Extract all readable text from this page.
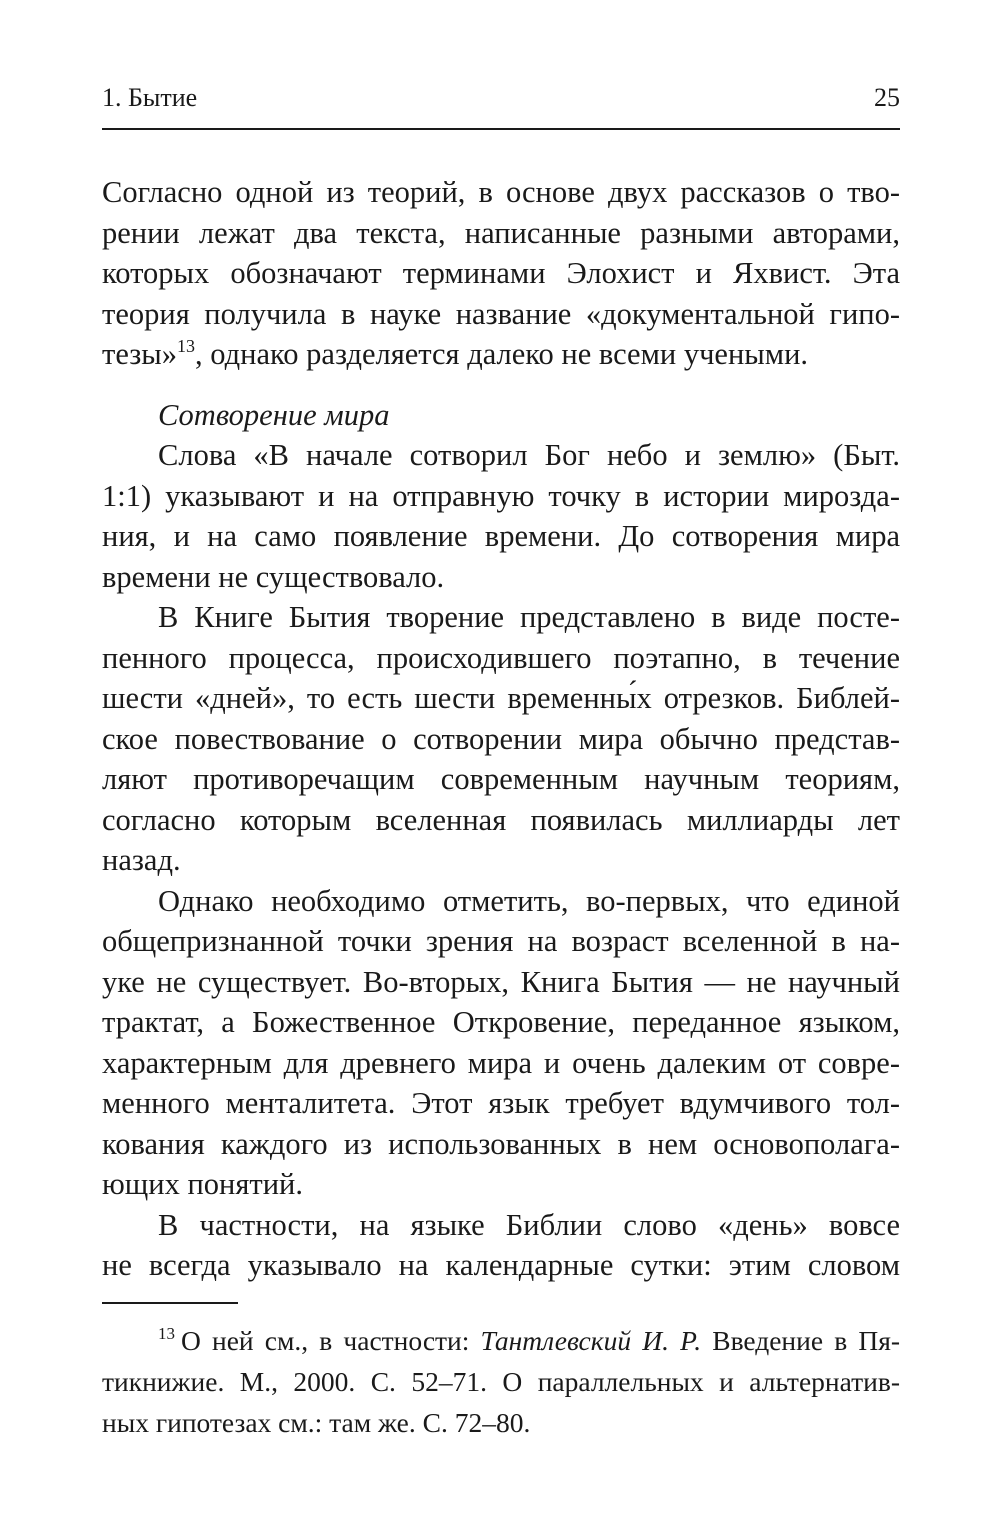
1. Бытие	25
Согласно одной из теорий, в основе двух рассказов о тво-
рении лежат два текста, написанные разными авторами,
которых обозначают терминами Элохист и Яхвист. Эта
теория получила в науке название «документальной гипо-
тезы»$^{13}$, однако разделяется далеко не всеми учеными.
Сотворение мира
Слова «В начале сотворил Бог небо и землю» (Быт.
1:1) указывают и на отправную точку в истории мирозда-
ния, и на само появление времени. До сотворения мира
времени не существовало.
В Книге Бытия творение представлено в виде посте-
пенного процесса, происходившего поэтапно, в течение
шести «дней», то есть шести временны́х отрезков. Библей-
ское повествование о сотворении мира обычно представ-
ляют противоречащим современным научным теориям,
согласно которым вселенная появилась миллиарды лет
назад.
Однако необходимо отметить, во-первых, что единой
общепризнанной точки зрения на возраст вселенной в на-
уке не существует. Во-вторых, Книга Бытия — не научный
трактат, а Божественное Откровение, переданное языком,
характерным для древнего мира и очень далеким от совре-
менного менталитета. Этот язык требует вдумчивого тол-
кования каждого из использованных в нем основополага-
ющих понятий.
В частности, на языке Библии слово «день» вовсе
не всегда указывало на календарные сутки: этим словом
$^{13}$ О ней см., в частности: Тантлевский И. Р. Введение в Пя-
тикнижие. М., 2000. С. 52–71. О параллельных и альтернатив-
ных гипотезах см.: там же. С. 72–80.
